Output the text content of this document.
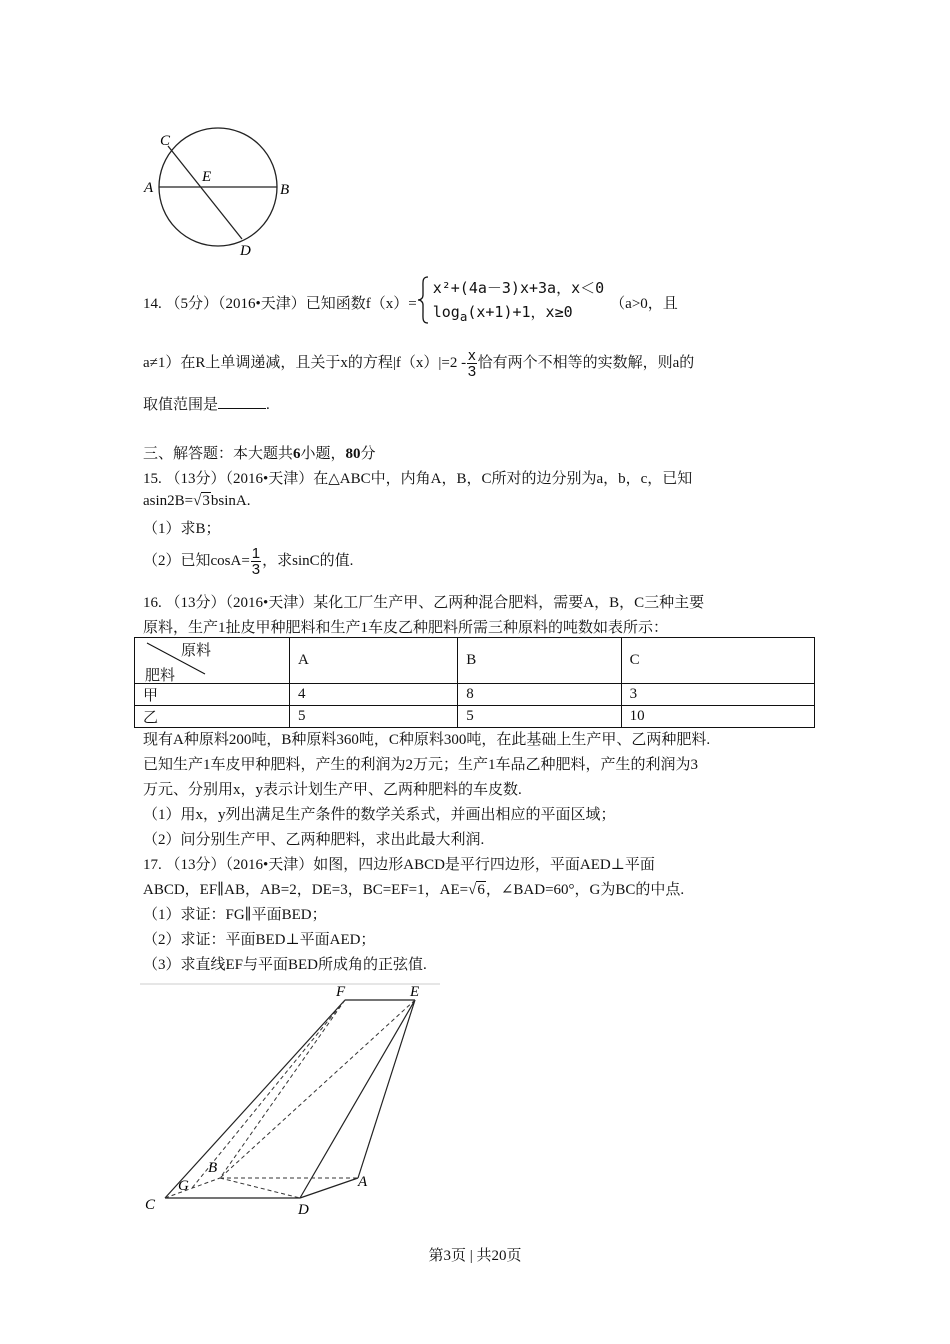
C
E
A	B
D
14. （5分）（2016•天津）已知函数f（x）=
x²+(4a－3)x+3a，x＜0
$\log_a(x+1)+1$，x≥0	（a>0，且
a≠1）在R上单调递减，且关于x的方程$|f(x)|=2 - \frac{x}{3}$ 恰有两个不相等的实数解，则a的
取值范围是	.
三、解答题：本大题共6小题，80分
15. （13分）（2016•天津）在△ABC中，内角A，B，C所对的边分别为a，b，c，已知
asin2B=√3bsinA.
（1）求B；
（2）已知$\cos A= \frac{1}{3}$ ，求sinC的值.
16. （13分）（2016•天津）某化工厂生产甲、乙两种混合肥料，需要A，B，C三种主要
原料，生产1扯皮甲种肥料和生产1车皮乙种肥料所需三种原料的吨数如表所示：
原料
肥料	A	B	C
甲	4	8	3
乙	5	5	10
现有A种原料200吨，B种原料360吨，C种原料300吨，在此基础上生产甲、乙两种肥料.
已知生产1车皮甲种肥料，产生的利润为2万元；生产1车品乙种肥料，产生的利润为3
万元、分别用x，y表示计划生产甲、乙两种肥料的车皮数.
（1）用x，y列出满足生产条件的数学关系式，并画出相应的平面区域；
（2）问分别生产甲、乙两种肥料，求出此最大利润.
17. （13分）（2016•天津）如图，四边形ABCD是平行四边形，平面AED⊥平面
ABCD，EF∥AB，AB=2，DE=3，BC=EF=1，AE=√6，∠BAD=60°，G为BC的中点.
（1）求证：FG∥平面BED；
（2）求证：平面BED⊥平面AED；
（3）求直线EF与平面BED所成角的正弦值.
F	E
B
G	A
C	D
第3页 | 共20页
